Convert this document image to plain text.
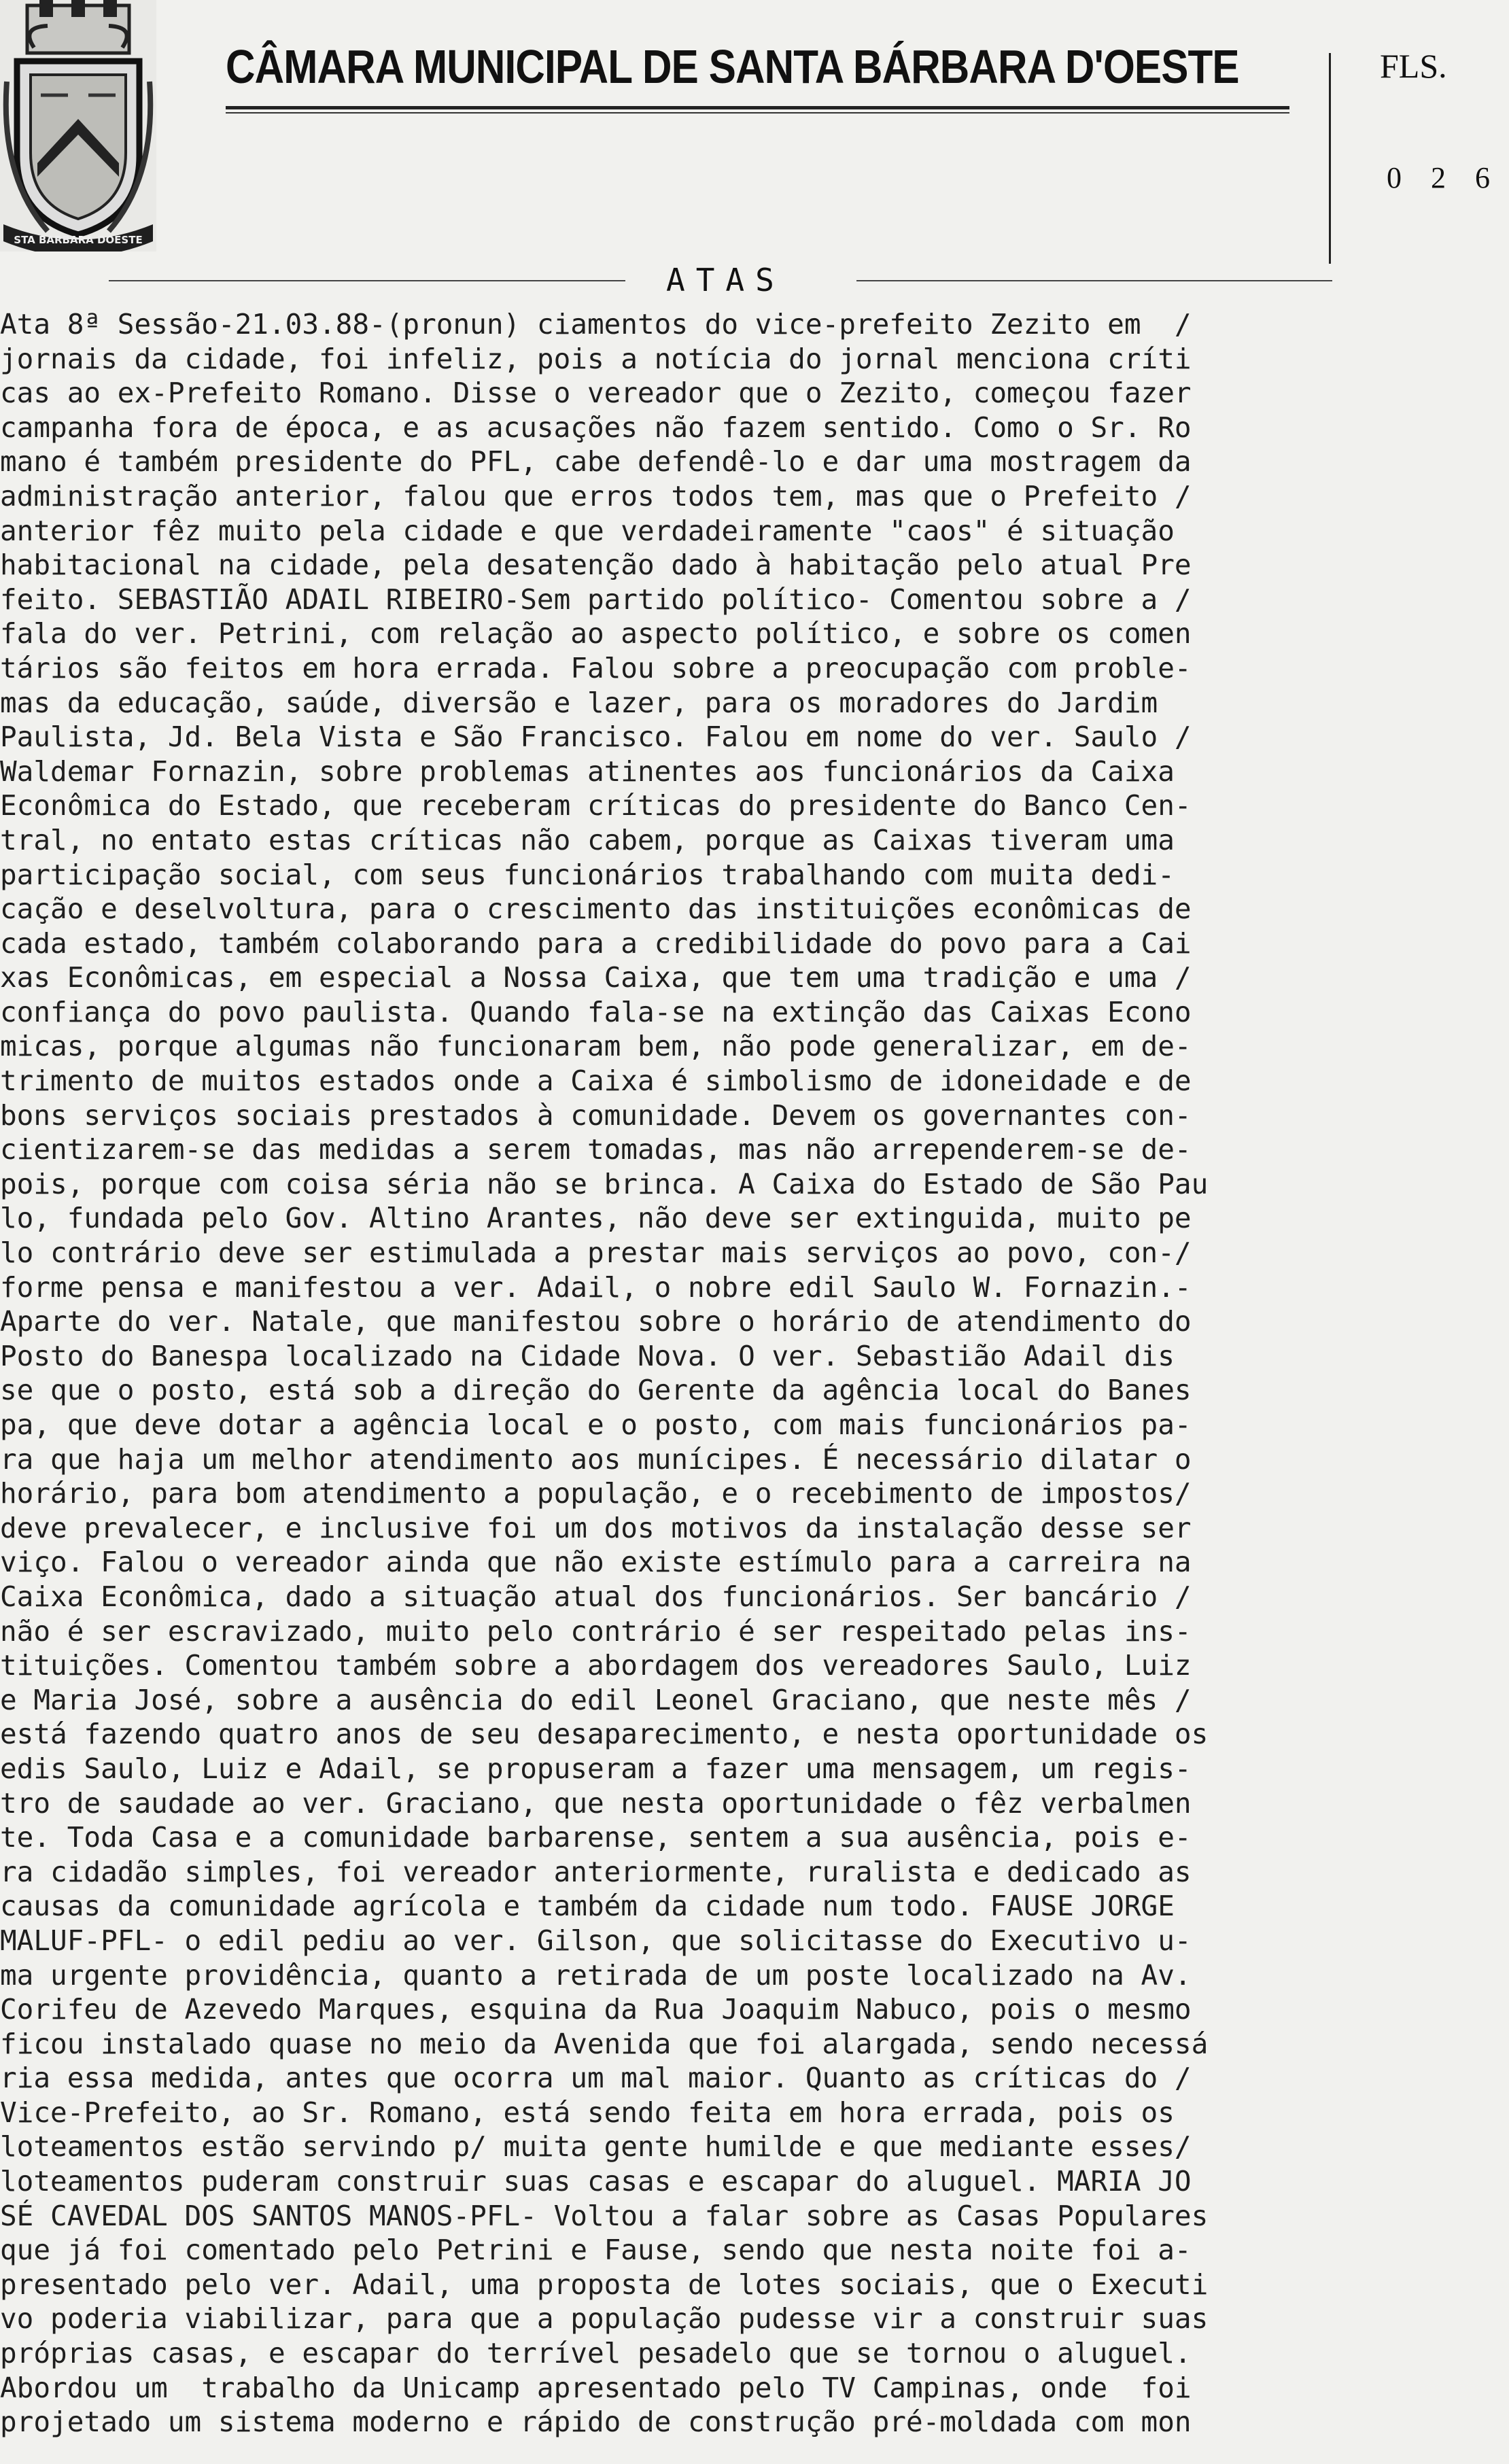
STA BARBARA DOESTE
CÂMARA MUNICIPAL DE SANTA BÁRBARA D'OESTE	FLS.
0 2 6
ATAS
Ata 8ª Sessão-21.03.88-(pronun) ciamentos do vice-prefeito Zezito em  /
jornais da cidade, foi infeliz, pois a notícia do jornal menciona críti
cas ao ex-Prefeito Romano. Disse o vereador que o Zezito, começou fazer
campanha fora de época, e as acusações não fazem sentido. Como o Sr. Ro
mano é também presidente do PFL, cabe defendê-lo e dar uma mostragem da
administração anterior, falou que erros todos tem, mas que o Prefeito /
anterior fêz muito pela cidade e que verdadeiramente "caos" é situação
habitacional na cidade, pela desatenção dado à habitação pelo atual Pre
feito. SEBASTIÃO ADAIL RIBEIRO-Sem partido político- Comentou sobre a /
fala do ver. Petrini, com relação ao aspecto político, e sobre os comen
tários são feitos em hora errada. Falou sobre a preocupação com proble-
mas da educação, saúde, diversão e lazer, para os moradores do Jardim
Paulista, Jd. Bela Vista e São Francisco. Falou em nome do ver. Saulo /
Waldemar Fornazin, sobre problemas atinentes aos funcionários da Caixa
Econômica do Estado, que receberam críticas do presidente do Banco Cen-
tral, no entato estas críticas não cabem, porque as Caixas tiveram uma
participação social, com seus funcionários trabalhando com muita dedi-
cação e deselvoltura, para o crescimento das instituições econômicas de
cada estado, também colaborando para a credibilidade do povo para a Cai
xas Econômicas, em especial a Nossa Caixa, que tem uma tradição e uma /
confiança do povo paulista. Quando fala-se na extinção das Caixas Econo
micas, porque algumas não funcionaram bem, não pode generalizar, em de-
trimento de muitos estados onde a Caixa é simbolismo de idoneidade e de
bons serviços sociais prestados à comunidade. Devem os governantes con-
cientizarem-se das medidas a serem tomadas, mas não arrependerem-se de-
pois, porque com coisa séria não se brinca. A Caixa do Estado de São Pau
lo, fundada pelo Gov. Altino Arantes, não deve ser extinguida, muito pe
lo contrário deve ser estimulada a prestar mais serviços ao povo, con-/
forme pensa e manifestou a ver. Adail, o nobre edil Saulo W. Fornazin.-
Aparte do ver. Natale, que manifestou sobre o horário de atendimento do
Posto do Banespa localizado na Cidade Nova. O ver. Sebastião Adail dis
se que o posto, está sob a direção do Gerente da agência local do Banes
pa, que deve dotar a agência local e o posto, com mais funcionários pa-
ra que haja um melhor atendimento aos munícipes. É necessário dilatar o
horário, para bom atendimento a população, e o recebimento de impostos/
deve prevalecer, e inclusive foi um dos motivos da instalação desse ser
viço. Falou o vereador ainda que não existe estímulo para a carreira na
Caixa Econômica, dado a situação atual dos funcionários. Ser bancário /
não é ser escravizado, muito pelo contrário é ser respeitado pelas ins-
tituições. Comentou também sobre a abordagem dos vereadores Saulo, Luiz
e Maria José, sobre a ausência do edil Leonel Graciano, que neste mês /
está fazendo quatro anos de seu desaparecimento, e nesta oportunidade os
edis Saulo, Luiz e Adail, se propuseram a fazer uma mensagem, um regis-
tro de saudade ao ver. Graciano, que nesta oportunidade o fêz verbalmen
te. Toda Casa e a comunidade barbarense, sentem a sua ausência, pois e-
ra cidadão simples, foi vereador anteriormente, ruralista e dedicado as
causas da comunidade agrícola e também da cidade num todo. FAUSE JORGE
MALUF-PFL- o edil pediu ao ver. Gilson, que solicitasse do Executivo u-
ma urgente providência, quanto a retirada de um poste localizado na Av.
Corifeu de Azevedo Marques, esquina da Rua Joaquim Nabuco, pois o mesmo
ficou instalado quase no meio da Avenida que foi alargada, sendo necessá
ria essa medida, antes que ocorra um mal maior. Quanto as críticas do /
Vice-Prefeito, ao Sr. Romano, está sendo feita em hora errada, pois os
loteamentos estão servindo p/ muita gente humilde e que mediante esses/
loteamentos puderam construir suas casas e escapar do aluguel. MARIA JO
SÉ CAVEDAL DOS SANTOS MANOS-PFL- Voltou a falar sobre as Casas Populares
que já foi comentado pelo Petrini e Fause, sendo que nesta noite foi a-
presentado pelo ver. Adail, uma proposta de lotes sociais, que o Executi
vo poderia viabilizar, para que a população pudesse vir a construir suas
próprias casas, e escapar do terrível pesadelo que se tornou o aluguel.
Abordou um  trabalho da Unicamp apresentado pelo TV Campinas, onde  foi
projetado um sistema moderno e rápido de construção pré-moldada com mon
